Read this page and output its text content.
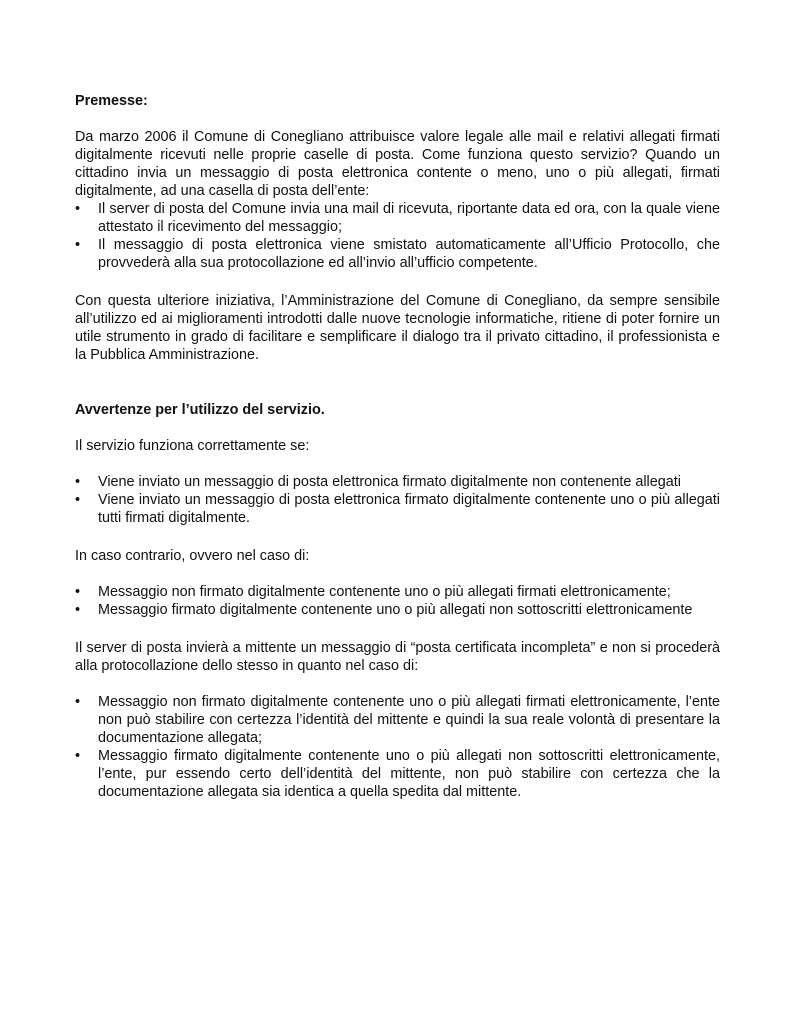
Premesse:

Da marzo 2006 il Comune di Conegliano attribuisce valore legale alle mail e relativi allegati firmati digitalmente ricevuti nelle proprie caselle di posta. Come funziona questo servizio? Quando un cittadino invia un messaggio di posta elettronica contente o meno, uno o più allegati, firmati digitalmente, ad una casella di posta dell’ente:

•	Il server di posta del Comune invia una mail di ricevuta, riportante data ed ora, con la quale viene attestato il ricevimento del messaggio;
•	Il messaggio di posta elettronica viene smistato automaticamente all’Ufficio Protocollo, che provvederà alla sua protocollazione ed all’invio all’ufficio competente.

Con questa ulteriore iniziativa, l’Amministrazione del Comune di Conegliano, da sempre sensibile all’utilizzo ed ai miglioramenti introdotti dalle nuove tecnologie informatiche, ritiene di poter fornire un utile strumento in grado di facilitare e semplificare il dialogo tra il privato cittadino, il professionista e la Pubblica Amministrazione.

Avvertenze per l’utilizzo del servizio.

Il servizio funziona correttamente se:

•	Viene inviato un messaggio di posta elettronica firmato digitalmente non contenente allegati
•	Viene inviato un messaggio di posta elettronica firmato digitalmente contenente uno o più allegati tutti firmati digitalmente.

In caso contrario, ovvero nel caso di:

•	Messaggio non firmato digitalmente contenente uno o più allegati firmati elettronicamente;
•	Messaggio firmato digitalmente contenente uno o più allegati non sottoscritti elettronicamente

Il server di posta invierà a mittente un messaggio di “posta certificata incompleta” e non si procederà alla protocollazione dello stesso in quanto nel caso di:

•	Messaggio non firmato digitalmente contenente uno o più allegati firmati elettronicamente, l’ente non può stabilire con certezza l’identità del mittente e quindi la sua reale volontà di presentare la documentazione allegata;
•	Messaggio firmato digitalmente contenente uno o più allegati non sottoscritti elettronicamente, l’ente, pur essendo certo dell’identità del mittente, non può stabilire con certezza che la documentazione allegata sia identica a quella spedita dal mittente.
